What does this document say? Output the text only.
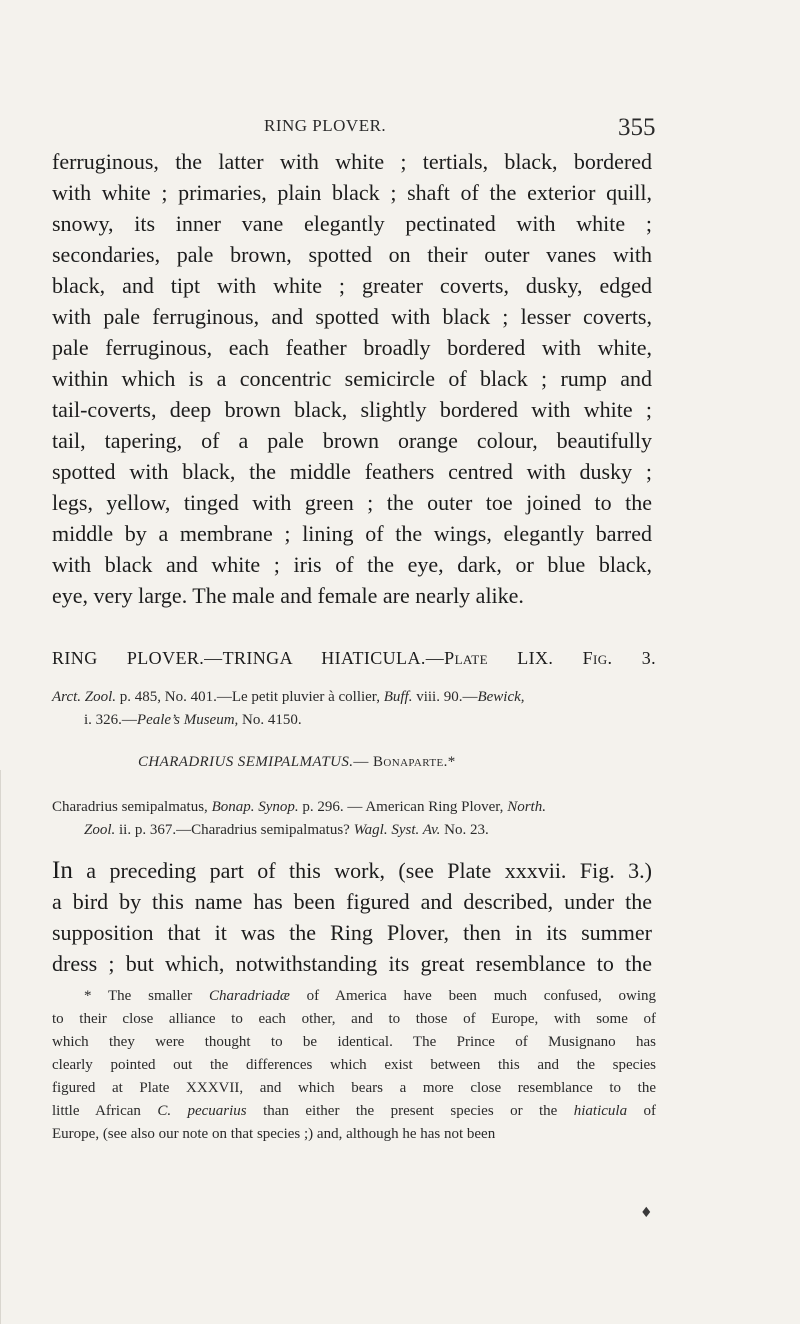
RING PLOVER.	355
ferruginous, the latter with white ; tertials, black, bordered
with white ; primaries, plain black ; shaft of the exterior quill,
snowy, its inner vane elegantly pectinated with white ;
secondaries, pale brown, spotted on their outer vanes with
black, and tipt with white ; greater coverts, dusky, edged
with pale ferruginous, and spotted with black ; lesser coverts,
pale ferruginous, each feather broadly bordered with white,
within which is a concentric semicircle of black ; rump and
tail-coverts, deep brown black, slightly bordered with white ;
tail, tapering, of a pale brown orange colour, beautifully
spotted with black, the middle feathers centred with dusky ;
legs, yellow, tinged with green ; the outer toe joined to the
middle by a membrane ; lining of the wings, elegantly barred
with black and white ; iris of the eye, dark, or blue black,
eye, very large. The male and female are nearly alike.
RING PLOVER.—TRINGA HIATICULA.—Plate LIX. Fig. 3.
Arct. Zool. p. 485, No. 401.—Le petit pluvier à collier, Buff. viii. 90.—Bewick,
i. 326.—Peale’s Museum, No. 4150.
CHARADRIUS SEMIPALMATUS.— Bonaparte.*
Charadrius semipalmatus, Bonap. Synop. p. 296. — American Ring Plover, North.
Zool. ii. p. 367.—Charadrius semipalmatus? Wagl. Syst. Av. No. 23.
In a preceding part of this work, (see Plate xxxvii. Fig. 3.)
a bird by this name has been figured and described, under the
supposition that it was the Ring Plover, then in its summer
dress ; but which, notwithstanding its great resemblance to the
* The smaller Charadriadæ of America have been much confused, owing
to their close alliance to each other, and to those of Europe, with some of
which they were thought to be identical. The Prince of Musignano has
clearly pointed out the differences which exist between this and the species
figured at Plate XXXVII, and which bears a more close resemblance to the
little African C. pecuarius than either the present species or the hiaticula of
Europe, (see also our note on that species ;) and, although he has not been
♦
